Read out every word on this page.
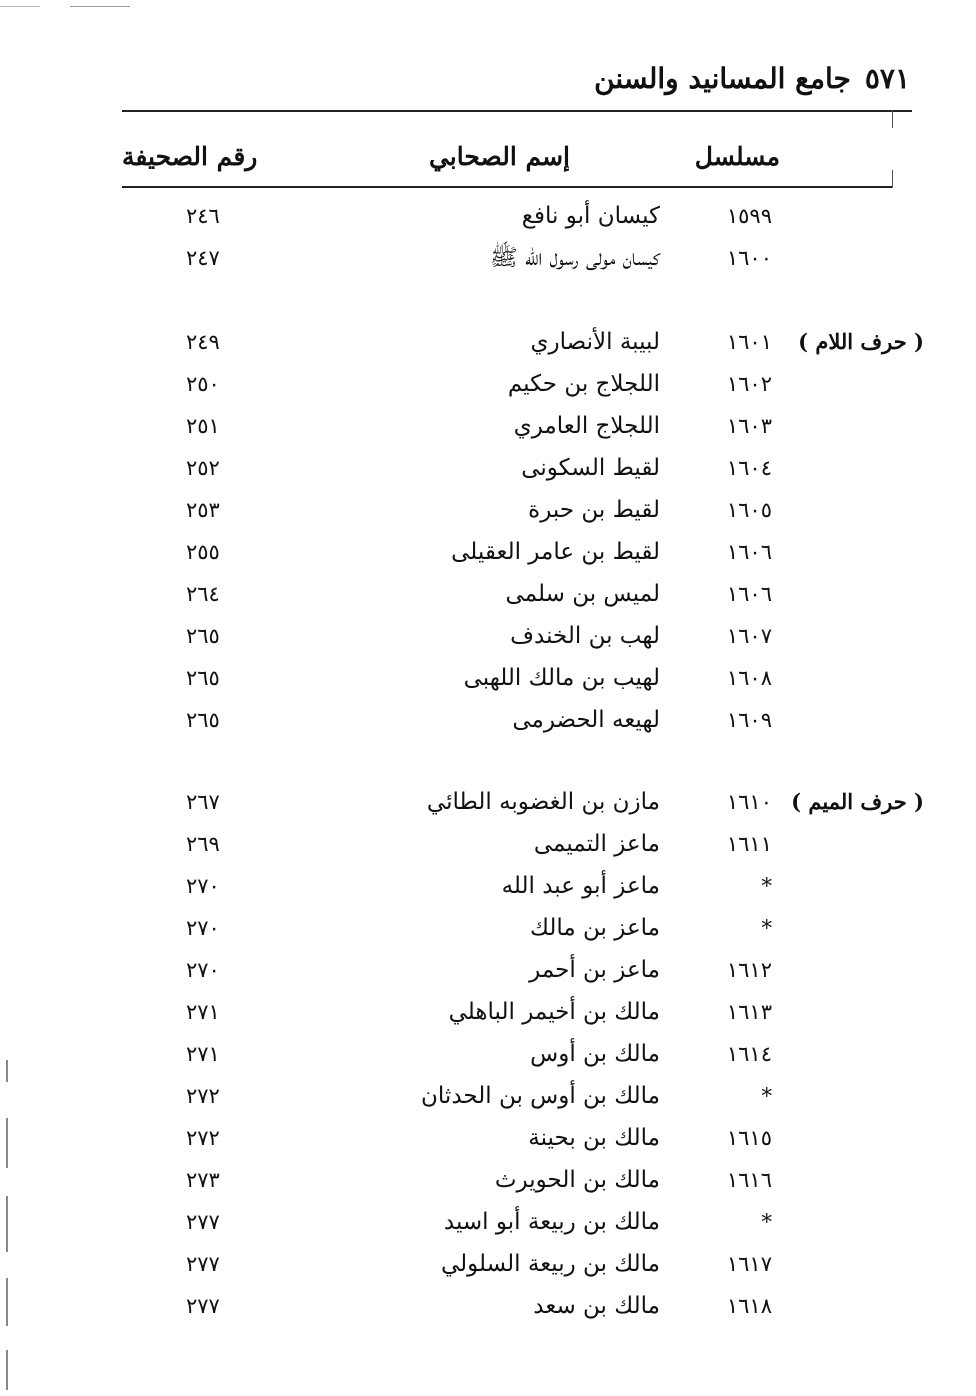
٥٧١جامع المسانيد والسنن
مسلسل
إسم الصحابي
رقم الصحيفة
١٥٩٩
كيسان أبو نافع
٢٤٦
١٦٠٠
كيسان مولى رسول الله ﷺ
٢٤٧
( حرف اللام )
١٦٠١
لبيبة الأنصاري
٢٤٩
١٦٠٢
اللجلاج بن حكيم
٢٥٠
١٦٠٣
اللجلاج العامري
٢٥١
١٦٠٤
لقيط السكونى
٢٥٢
١٦٠٥
لقيط بن حبرة
٢٥٣
١٦٠٦
لقيط بن عامر العقيلى
٢٥٥
١٦٠٦
لميس بن سلمى
٢٦٤
١٦٠٧
لهب بن الخندف
٢٦٥
١٦٠٨
لهيب بن مالك اللهبى
٢٦٥
١٦٠٩
لهيعه الحضرمى
٢٦٥
( حرف الميم )
١٦١٠
مازن بن الغضوبه الطائي
٢٦٧
١٦١١
ماعز التميمى
٢٦٩
*
ماعز أبو عبد الله
٢٧٠
*
ماعز بن مالك
٢٧٠
١٦١٢
ماعز بن أحمر
٢٧٠
١٦١٣
مالك بن أخيمر الباهلي
٢٧١
١٦١٤
مالك بن أوس
٢٧١
*
مالك بن أوس بن الحدثان
٢٧٢
١٦١٥
مالك بن بحينة
٢٧٢
١٦١٦
مالك بن الحويرث
٢٧٣
*
مالك بن ربيعة أبو اسيد
٢٧٧
١٦١٧
مالك بن ربيعة السلولي
٢٧٧
١٦١٨
مالك بن سعد
٢٧٧
